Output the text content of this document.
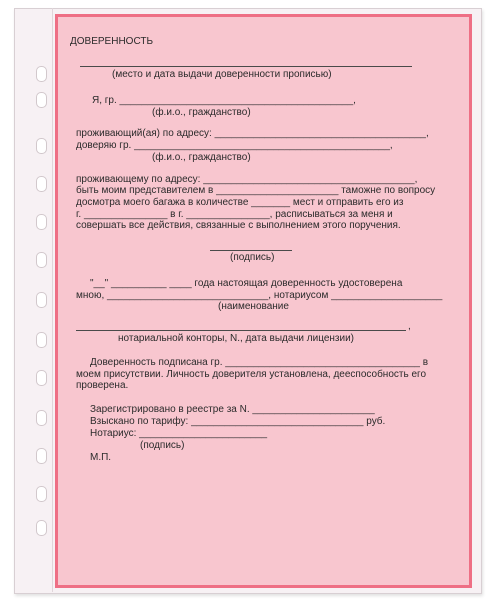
ДОВЕРЕННОСТЬ
(место и дата выдачи доверенности прописью)
Я, гр. __________________________________________,
(ф.и.о., гражданство)
проживающий(ая) по адресу: ______________________________________,
доверяю гр. ______________________________________________,
(ф.и.о., гражданство)
проживающему по адресу: ______________________________________,
быть моим представителем в ______________________ таможне по вопросу
досмотра моего багажа в количестве _______ мест и отправить его из
г. _______________ в г. _______________, расписываться за меня и
совершать все действия, связанные с выполнением этого поручения.
(подпись)
"__" __________ ____ года настоящая доверенность удостоверена
мною, _____________________________, нотариусом ____________________
(наименование
,
нотариальной конторы, N., дата выдачи лицензии)
Доверенность подписана гр. ___________________________________ в
моем присутствии. Личность доверителя установлена, дееспособность его
проверена.
Зарегистрировано в реестре за N. ______________________
Взыскано по тарифу: _______________________________ руб.
Нотариус: _______________________
(подпись)
М.П.
